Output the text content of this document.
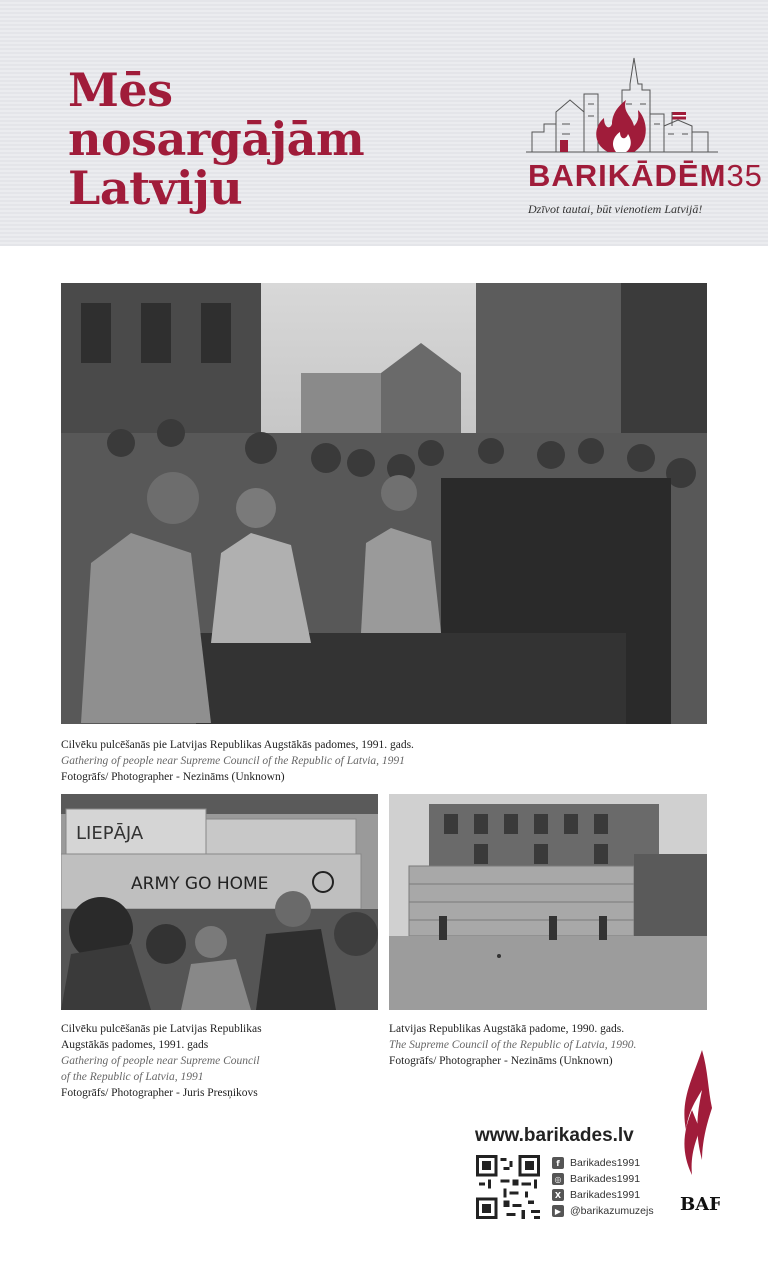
Mēs
nosargājām
Latviju	BARIKĀDĒM35
Dzīvot tautai, būt vienotiem Latvijā!
Cilvēku pulcēšanās pie Latvijas Republikas Augstākās padomes, 1991. gads.
Gathering of people near Supreme Council of the Republic of Latvia, 1991
Fotogrāfs/ Photographer - Nezināms (Unknown)
LIEPĀJA
ARMY GO HOME
Cilvēku pulcēšanās pie Latvijas Republikas
Augstākās padomes, 1991. gads
Gathering of people near Supreme Council
of the Republic of Latvia, 1991
Fotogrāfs/ Photographer - Juris Presņikovs
Latvijas Republikas Augstākā padome, 1990. gads.
The Supreme Council of the Republic of Latvia, 1990.
Fotogrāfs/ Photographer - Nezināms (Unknown)
www.barikades.lv
f Barikades1991
◎ Barikades1991
X Barikades1991
▶ @barikazumuzejs BAF
